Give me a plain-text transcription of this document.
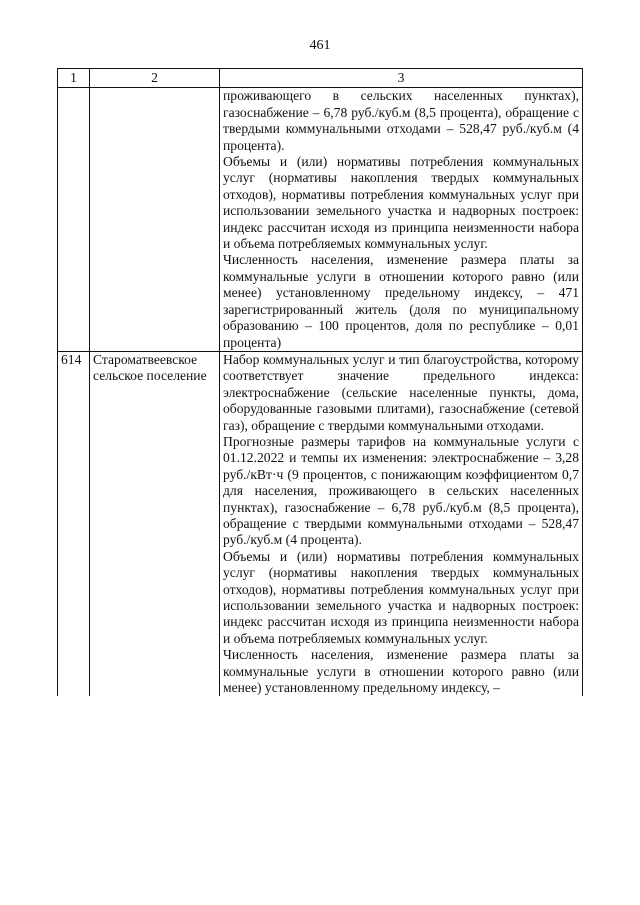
461
1	2	3

		проживающего в сельских населенных пунктах), газоснабжение – 6,78 руб./куб.м (8,5 процента), обращение с твердыми коммунальными отходами – 528,47 руб./куб.м (4 процента).

Объемы и (или) нормативы потребления коммунальных услуг (нормативы накопления твердых коммунальных отходов), нормативы потребления коммунальных услуг при использовании земельного участка и надворных построек: индекс рассчитан исходя из принципа неизменности набора и объема потребляемых коммунальных услуг.

Численность населения, изменение размера платы за коммунальные услуги в отношении которого равно (или менее) установленному предельному индексу, – 471 зарегистрированный житель (доля по муниципальному образованию – 100 процентов, доля по республике – 0,01 процента)

614	Староматвеевское сельское поселение	Набор коммунальных услуг и тип благоустройства, которому соответствует значение предельного индекса: электроснабжение (сельские населенные пункты, дома, оборудованные газовыми плитами), газоснабжение (сетевой газ), обращение с твердыми коммунальными отходами.

Прогнозные размеры тарифов на коммунальные услуги с 01.12.2022 и темпы их изменения: электроснабжение – 3,28 руб./кВт·ч (9 процентов, с понижающим коэффициентом 0,7 для населения, проживающего в сельских населенных пунктах), газоснабжение – 6,78 руб./куб.м (8,5 процента), обращение с твердыми коммунальными отходами – 528,47 руб./куб.м (4 процента).

Объемы и (или) нормативы потребления коммунальных услуг (нормативы накопления твердых коммунальных отходов), нормативы потребления коммунальных услуг при использовании земельного участка и надворных построек: индекс рассчитан исходя из принципа неизменности набора и объема потребляемых коммунальных услуг.

Численность населения, изменение размера платы за коммунальные услуги в отношении которого равно (или менее) установленному предельному индексу, –
